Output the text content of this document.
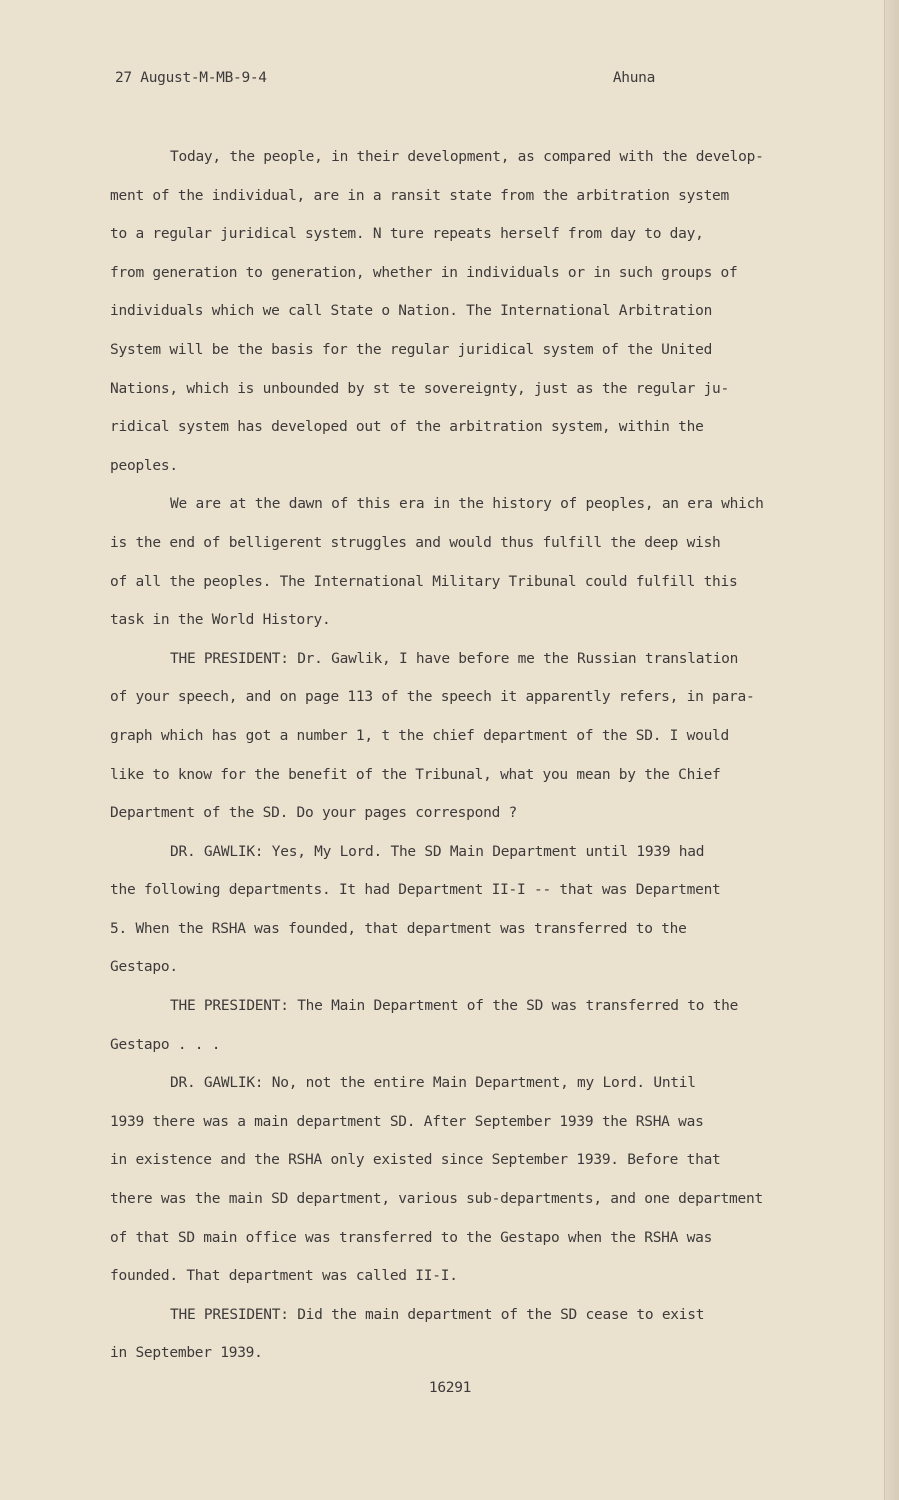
27 August-M-MB-9-4	Ahuna

Today, the people, in their development, as compared with the develop-
ment of the individual, are in a ransit state from the arbitration system
to a regular juridical system. N ture repeats herself from day to day,
from generation to generation, whether in individuals or in such groups of
individuals which we call State o Nation. The International Arbitration
System will be the basis for the regular juridical system of the United
Nations, which is unbounded by st te sovereignty, just as the regular ju-
ridical system has developed out of the arbitration system, within the
peoples.

We are at the dawn of this era in the history of peoples, an era which
is the end of belligerent struggles and would thus fulfill the deep wish
of all the peoples. The International Military Tribunal could fulfill this
task in the World History.

THE PRESIDENT: Dr. Gawlik, I have before me the Russian translation
of your speech, and on page 113 of the speech it apparently refers, in para-
graph which has got a number 1, t the chief department of the SD. I would
like to know for the benefit of the Tribunal, what you mean by the Chief
Department of the SD. Do your pages correspond ?

DR. GAWLIK: Yes, My Lord. The SD Main Department until 1939 had
the following departments. It had Department II-I -- that was Department
5. When the RSHA was founded, that department was transferred to the
Gestapo.

THE PRESIDENT: The Main Department of the SD was transferred to the
Gestapo . . .

DR. GAWLIK: No, not the entire Main Department, my Lord. Until
1939 there was a main department SD. After September 1939 the RSHA was
in existence and the RSHA only existed since September 1939. Before that
there was the main SD department, various sub-departments, and one department
of that SD main office was transferred to the Gestapo when the RSHA was
founded. That department was called II-I.

THE PRESIDENT: Did the main department of the SD cease to exist
in September 1939.

16291
